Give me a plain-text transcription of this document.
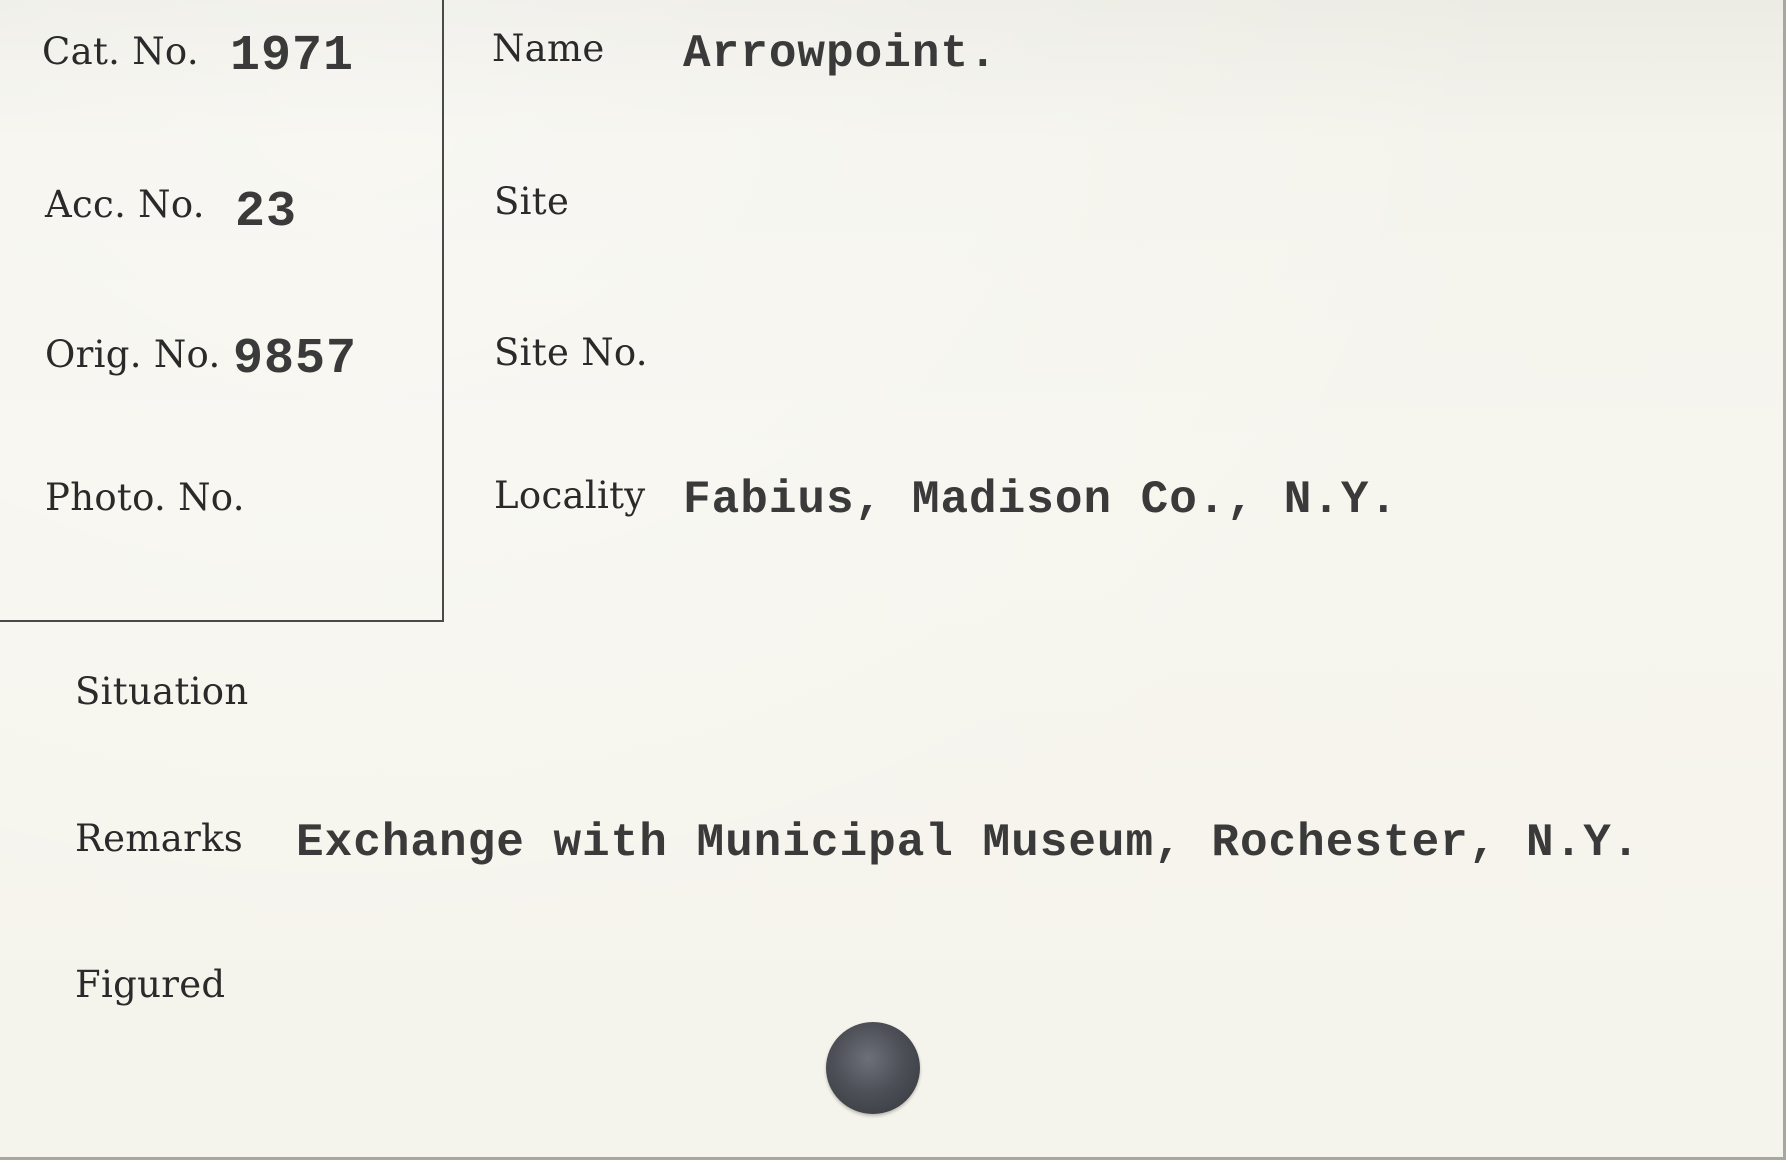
Cat. No. 1971
Acc. No. 23
Orig. No. 9857
Photo. No.
Name Arrowpoint.
Site
Site No.
Locality Fabius, Madison Co., N.Y.
Situation
Remarks Exchange with Municipal Museum, Rochester, N.Y.
Figured
